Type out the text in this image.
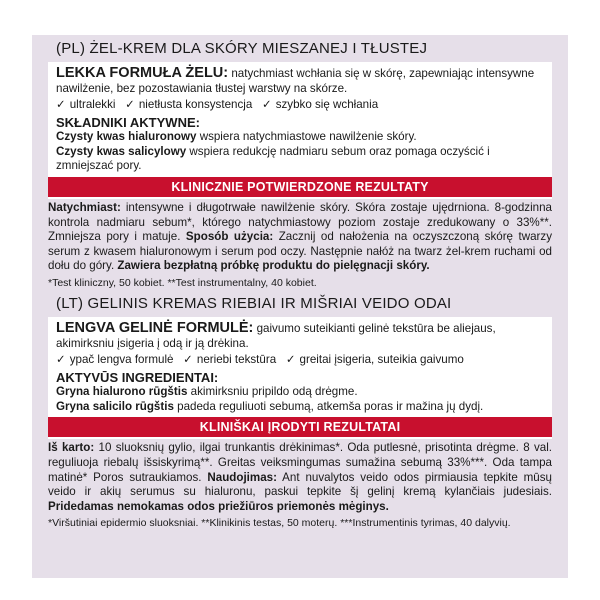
(PL) ŻEL-KREM DLA SKÓRY MIESZANEJ I TŁUSTEJ
LEKKA FORMUŁA ŻELU: natychmiast wchłania się w skórę, zapewniając intensywne nawilżenie, bez pozostawiania tłustej warstwy na skórze.
✓ ultralekki ✓ nietłusta konsystencja ✓ szybko się wchłania
SKŁADNIKI AKTYWNE:
Czysty kwas hialuronowy wspiera natychmiastowe nawilżenie skóry.
Czysty kwas salicylowy wspiera redukcję nadmiaru sebum oraz pomaga oczyścić i zmniejszać pory.
KLINICZNIE POTWIERDZONE REZULTATY
Natychmiast: intensywne i długotrwałe nawilżenie skóry. Skóra zostaje ujędrniona. 8-godzinna kontrola nadmiaru sebum*, którego natychmiastowy poziom zostaje zredukowany o 33%**. Zmniejsza pory i matuje. Sposób użycia: Zacznij od nałożenia na oczyszczoną skórę twarzy serum z kwasem hialuronowym i serum pod oczy. Następnie nałóż na twarz żel-krem ruchami od dołu do góry. Zawiera bezpłatną próbkę produktu do pielęgnacji skóry.
*Test kliniczny, 50 kobiet. **Test instrumentalny, 40 kobiet.
(LT) GELINIS KREMAS RIEBIAI IR MIŠRIAI VEIDO ODAI
LENGVA GELINĖ FORMULĖ: gaivumo suteikianti gelinė tekstūra be aliejaus, akimirksniu įsigeria į odą ir ją drėkina.
✓ ypač lengva formulė ✓ neriebi tekstūra ✓ greitai įsigeria, suteikia gaivumo
AKTYVŪS INGREDIENTAI:
Gryna hialurono rūgštis akimirksniu pripildo odą drėgme.
Gryna salicilo rūgštis padeda reguliuoti sebumą, atkemša poras ir mažina jų dydį.
KLINIŠKAI ĮRODYTI REZULTATAI
Iš karto: 10 sluoksnių gylio, ilgai trunkantis drėkinimas*. Oda putlesnė, prisotinta drėgme. 8 val. reguliuoja riebalų išsiskyrimą**. Greitas veiksmingumas sumažina sebumą 33%***. Oda tampa matinė* Poros sutraukiamos. Naudojimas: Ant nuvalytos veido odos pirmiausia tepkite mūsų veido ir akių serumus su hialuronu, paskui tepkite šį gelinį kremą kylančiais judesiais. Pridedamas nemokamas odos priežiūros priemonės mėginys.
*Viršutiniai epidermio sluoksniai. **Klinikinis testas, 50 moterų. ***Instrumentinis tyrimas, 40 dalyvių.
